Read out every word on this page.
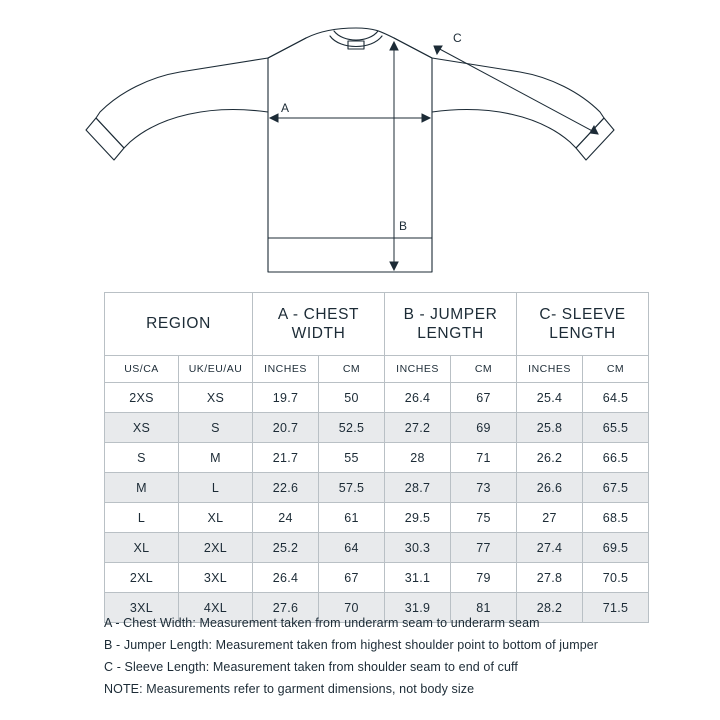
A
B
C
REGION		A - CHEST WIDTH		B - JUMPER LENGTH		C- SLEEVE LENGTH	
US/CA	UK/EU/AU	INCHES	CM	INCHES	CM	INCHES	CM
2XS	XS	19.7	50	26.4	67	25.4	64.5
XS	S	20.7	52.5	27.2	69	25.8	65.5
S	M	21.7	55	28	71	26.2	66.5
M	L	22.6	57.5	28.7	73	26.6	67.5
L	XL	24	61	29.5	75	27	68.5
XL	2XL	25.2	64	30.3	77	27.4	69.5
2XL	3XL	26.4	67	31.1	79	27.8	70.5
3XL	4XL	27.6	70	31.9	81	28.2	71.5
A - Chest Width: Measurement taken from underarm seam to underarm seam
B - Jumper Length: Measurement taken from highest shoulder point to bottom of jumper
C - Sleeve Length: Measurement taken from shoulder seam to end of cuff
NOTE: Measurements refer to garment dimensions, not body size
